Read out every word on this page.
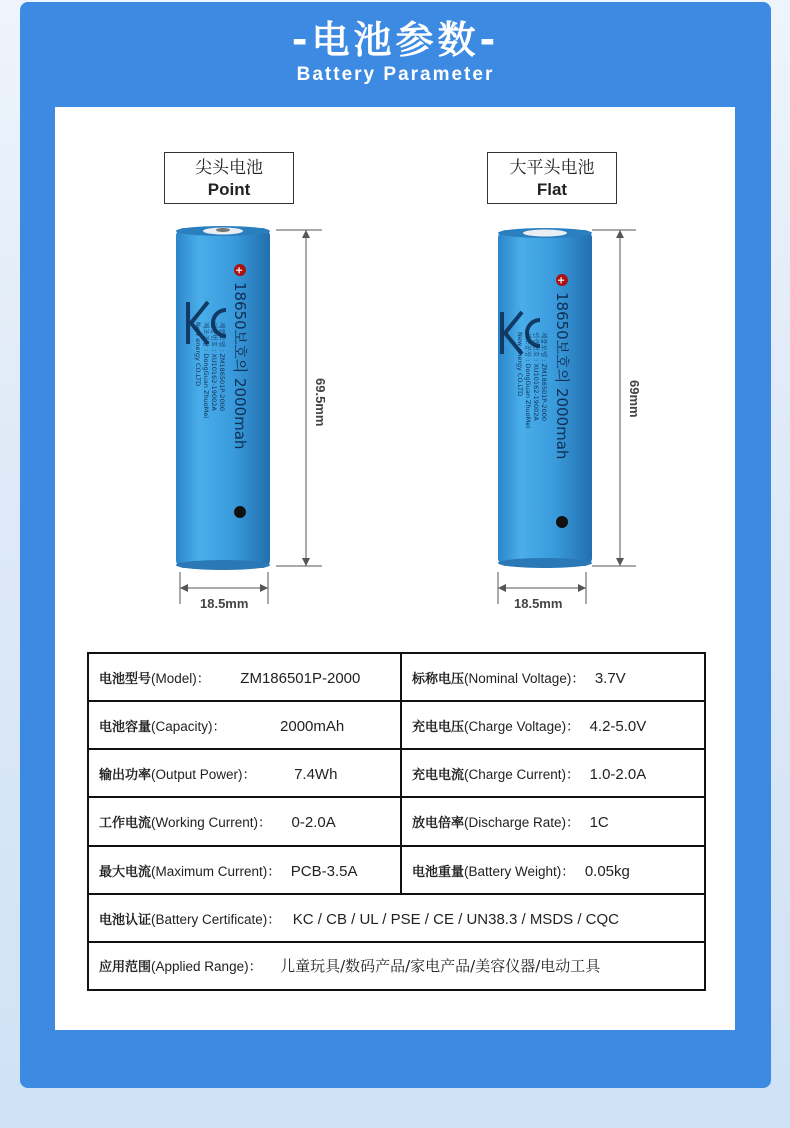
-电池参数-
Battery Parameter
尖头电池
Point
大平头电池
Flat
+
18650보호의 2000mah
제품모델 : ZM186501P-2000
인증번호 : XU10162-19002A
제조공장 : DongGuan ZhuoMei
New energy CO.LTD
69.5mm
18.5mm
+
18650보호의 2000mah
제품모델 : ZM186501P-2000
인증번호 : XU10162-19002A
제조공장 : DongGuan ZhuoMei
New energy CO.LTD
69mm
18.5mm
电池型号(Model)： ZM186501P-2000	标称电压(Nominal Voltage)： 3.7V
电池容量(Capacity)： 2000mAh	充电电压(Charge Voltage)： 4.2-5.0V
输出功率(Output Power)： 7.4Wh	充电电流(Charge Current)： 1.0-2.0A
工作电流(Working Current)： 0-2.0A	放电倍率(Discharge Rate)： 1C
最大电流(Maximum Current)： PCB-3.5A	电池重量(Battery Weight)： 0.05kg
电池认证(Battery Certificate)： KC / CB / UL / PSE / CE / UN38.3 / MSDS / CQC	
应用范围(Applied Range)： 儿童玩具/数码产品/家电产品/美容仪器/电动工具	
